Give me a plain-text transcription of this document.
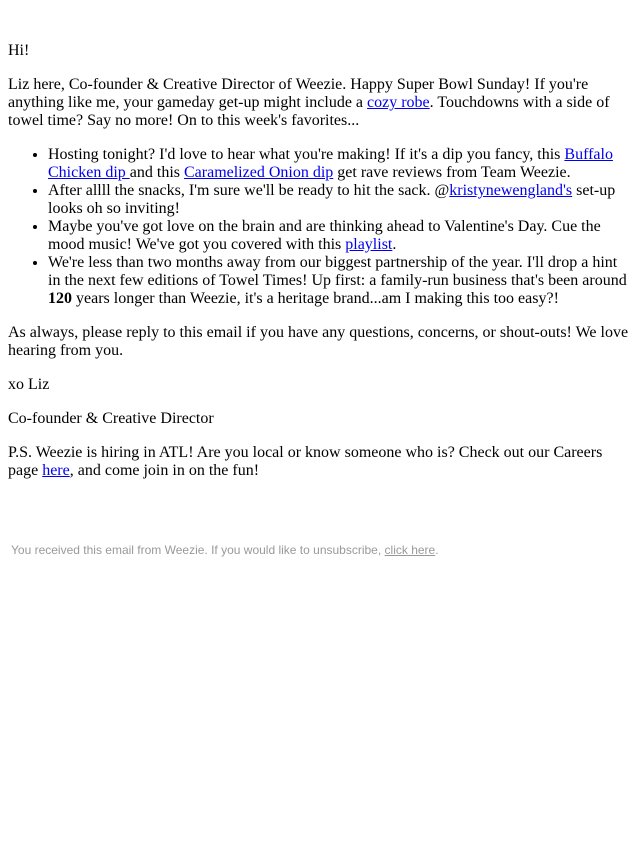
Hi!

Liz here, Co-founder & Creative Director of Weezie. Happy Super Bowl Sunday! If you're anything like me, your gameday get-up might include a cozy robe. Touchdowns with a side of towel time? Say no more! On to this week's favorites...

• Hosting tonight? I'd love to hear what you're making! If it's a dip you fancy, this Buffalo Chicken dip and this Caramelized Onion dip get rave reviews from Team Weezie.
• After allll the snacks, I'm sure we'll be ready to hit the sack. @kristynewengland's set-up looks oh so inviting!
• Maybe you've got love on the brain and are thinking ahead to Valentine's Day. Cue the mood music! We've got you covered with this playlist.
• We're less than two months away from our biggest partnership of the year. I'll drop a hint in the next few editions of Towel Times! Up first: a family-run business that's been around 120 years longer than Weezie, it's a heritage brand...am I making this too easy?!

As always, please reply to this email if you have any questions, concerns, or shout-outs! We love hearing from you.

xo Liz

Co-founder & Creative Director

P.S. Weezie is hiring in ATL! Are you local or know someone who is? Check out our Careers page here, and come join in on the fun!

You received this email from Weezie. If you would like to unsubscribe, click here.
